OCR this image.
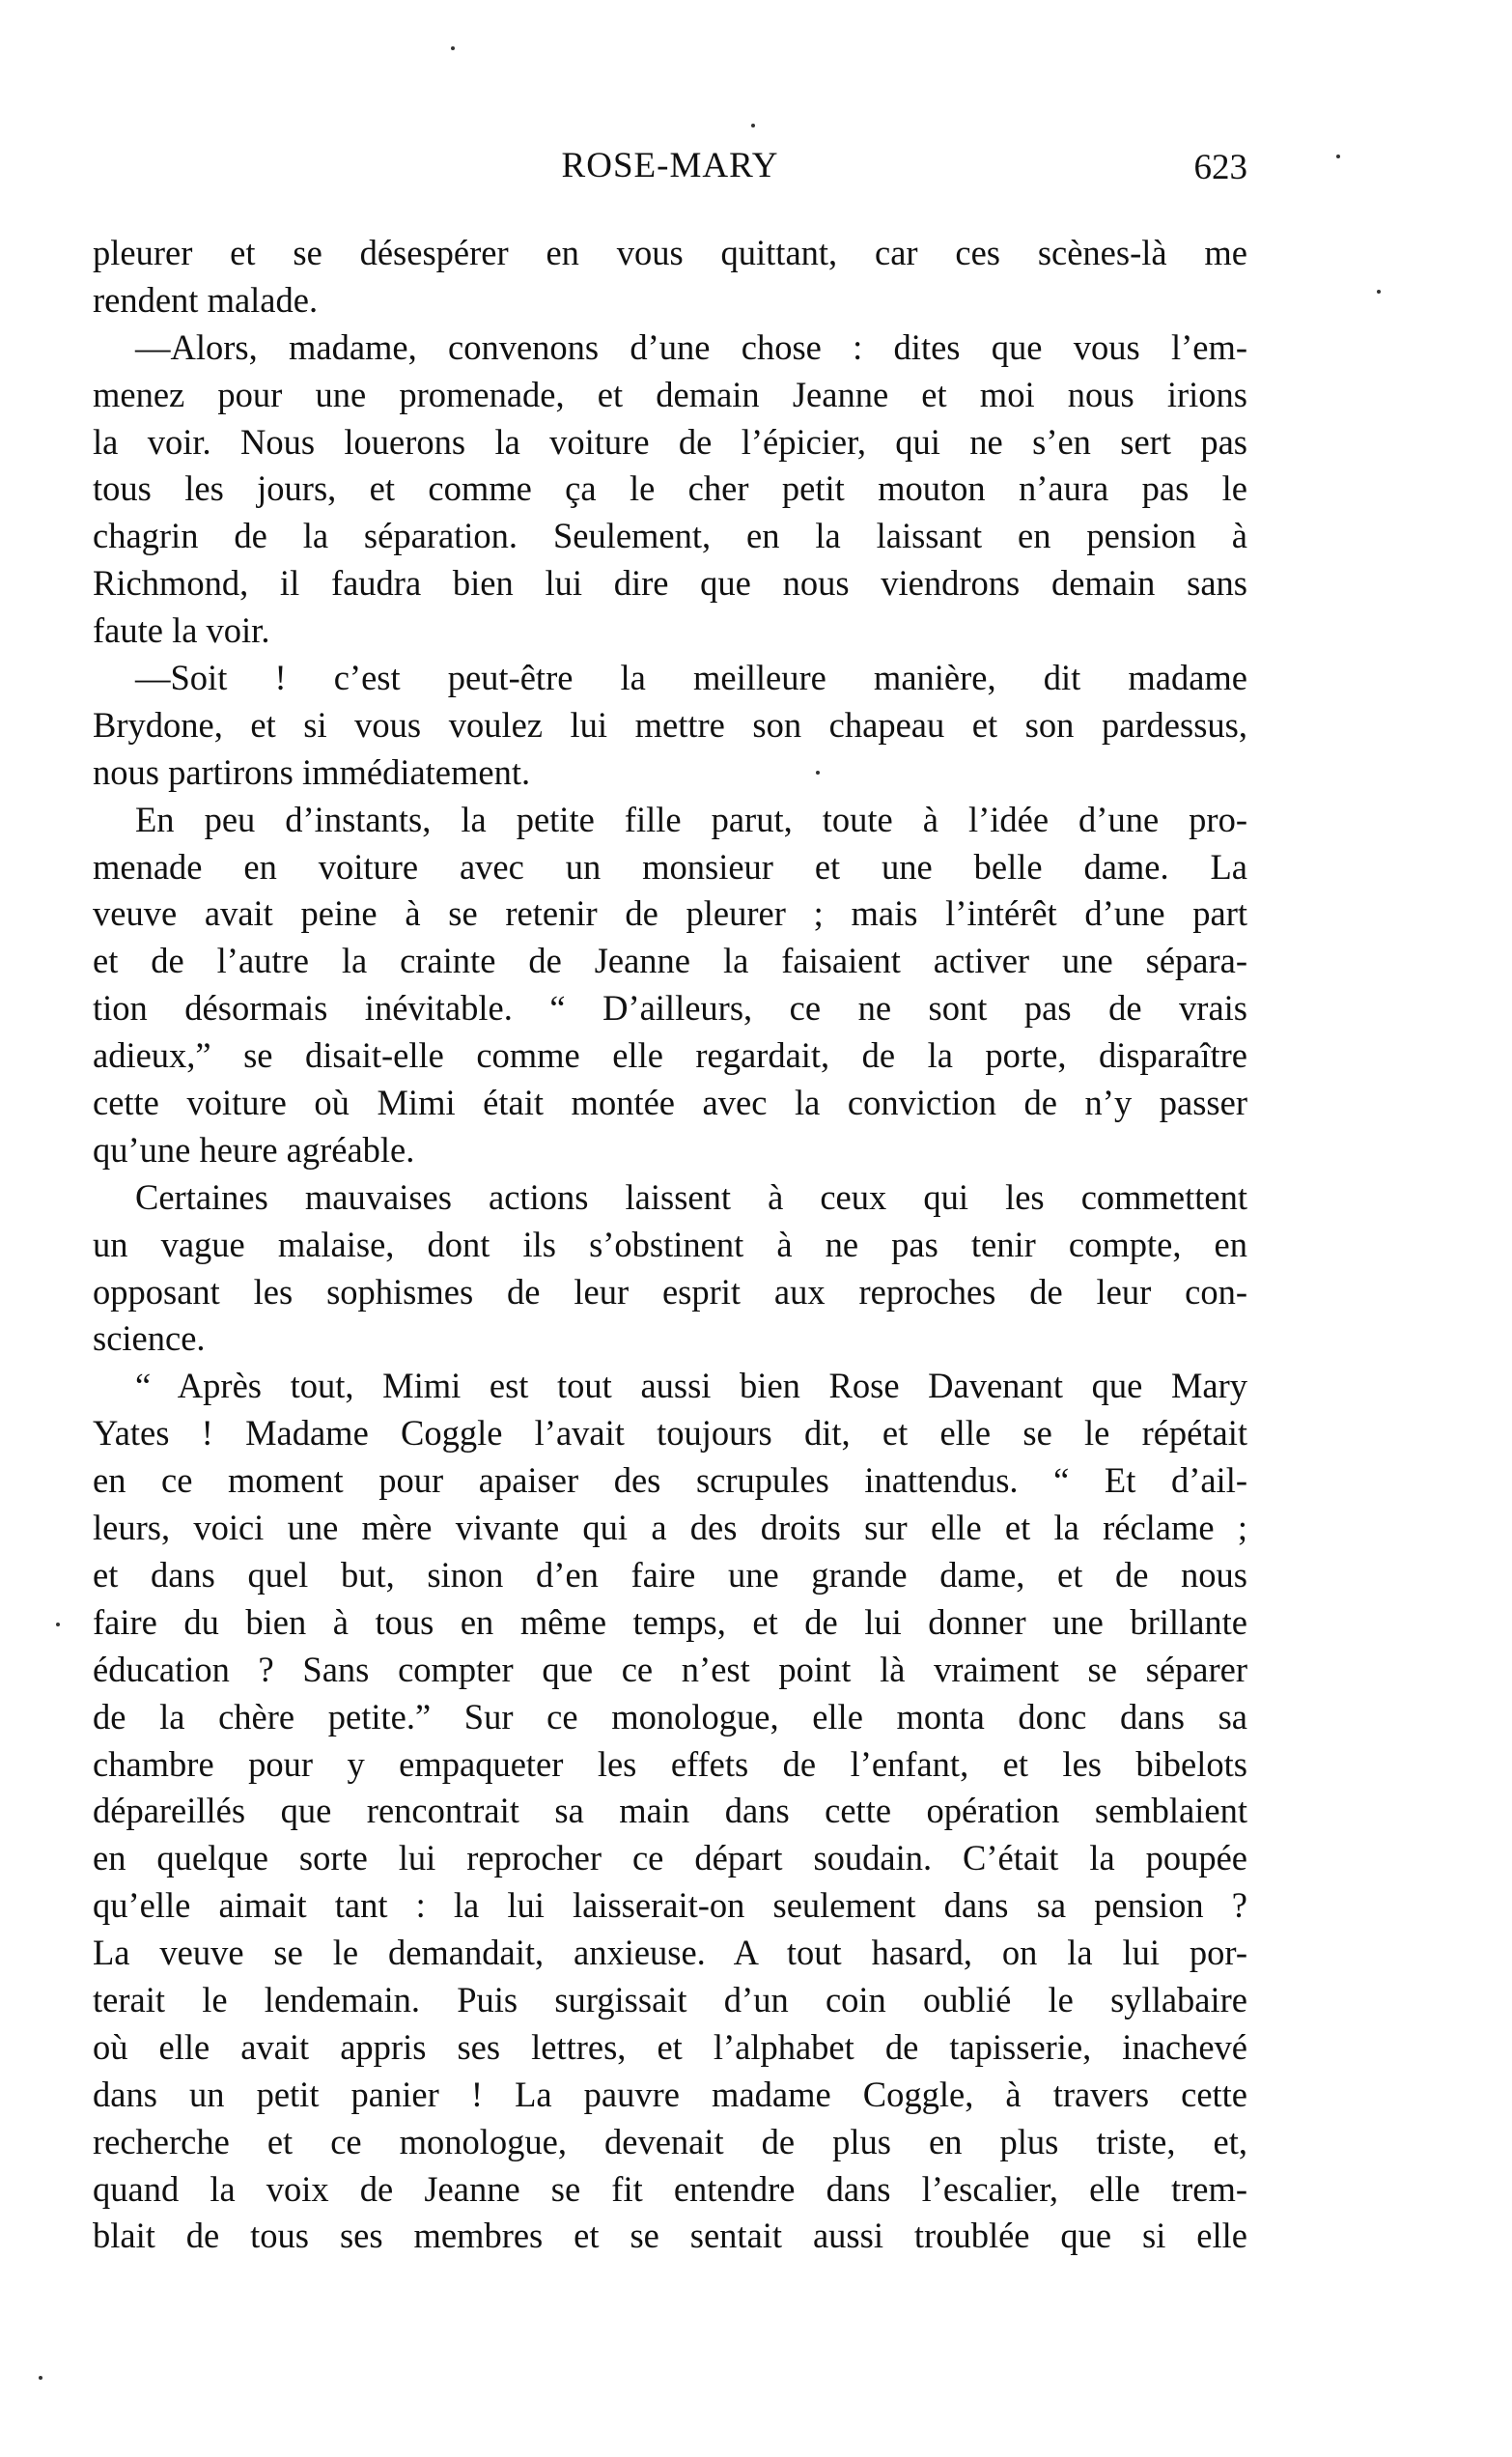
ROSE-MARY	623
pleurer et se désespérer en vous quittant, car ces scènes-là me
rendent malade.
—Alors, madame, convenons d’une chose : dites que vous l’em-
menez pour une promenade, et demain Jeanne et moi nous irions
la voir. Nous louerons la voiture de l’épicier, qui ne s’en sert pas
tous les jours, et comme ça le cher petit mouton n’aura pas le
chagrin de la séparation. Seulement, en la laissant en pension à
Richmond, il faudra bien lui dire que nous viendrons demain sans
faute la voir.
—Soit ! c’est peut-être la meilleure manière, dit madame
Brydone, et si vous voulez lui mettre son chapeau et son pardessus,
nous partirons immédiatement.
En peu d’instants, la petite fille parut, toute à l’idée d’une pro-
menade en voiture avec un monsieur et une belle dame. La
veuve avait peine à se retenir de pleurer ; mais l’intérêt d’une part
et de l’autre la crainte de Jeanne la faisaient activer une sépara-
tion désormais inévitable. “ D’ailleurs, ce ne sont pas de vrais
adieux,” se disait-elle comme elle regardait, de la porte, disparaître
cette voiture où Mimi était montée avec la conviction de n’y passer
qu’une heure agréable.
Certaines mauvaises actions laissent à ceux qui les commettent
un vague malaise, dont ils s’obstinent à ne pas tenir compte, en
opposant les sophismes de leur esprit aux reproches de leur con-
science.
“ Après tout, Mimi est tout aussi bien Rose Davenant que Mary
Yates ! Madame Coggle l’avait toujours dit, et elle se le répétait
en ce moment pour apaiser des scrupules inattendus. “ Et d’ail-
leurs, voici une mère vivante qui a des droits sur elle et la réclame ;
et dans quel but, sinon d’en faire une grande dame, et de nous
faire du bien à tous en même temps, et de lui donner une brillante
éducation ? Sans compter que ce n’est point là vraiment se séparer
de la chère petite.” Sur ce monologue, elle monta donc dans sa
chambre pour y empaqueter les effets de l’enfant, et les bibelots
dépareillés que rencontrait sa main dans cette opération semblaient
en quelque sorte lui reprocher ce départ soudain. C’était la poupée
qu’elle aimait tant : la lui laisserait-on seulement dans sa pension ?
La veuve se le demandait, anxieuse. A tout hasard, on la lui por-
terait le lendemain. Puis surgissait d’un coin oublié le syllabaire
où elle avait appris ses lettres, et l’alphabet de tapisserie, inachevé
dans un petit panier ! La pauvre madame Coggle, à travers cette
recherche et ce monologue, devenait de plus en plus triste, et,
quand la voix de Jeanne se fit entendre dans l’escalier, elle trem-
blait de tous ses membres et se sentait aussi troublée que si elle
